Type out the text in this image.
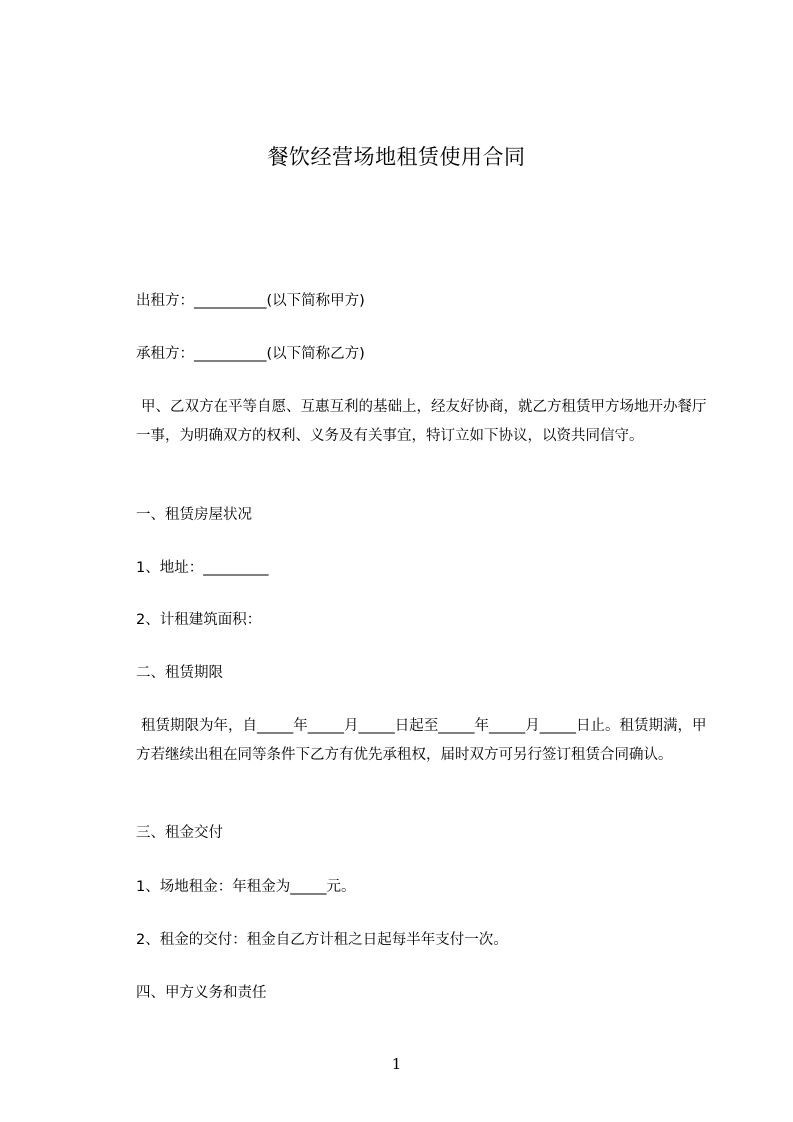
餐饮经营场地租赁使用合同
出租方：__________(以下简称甲方)
承租方：__________(以下简称乙方)
甲、乙双方在平等自愿、互惠互利的基础上，经友好协商，就乙方租赁甲方场地开办餐厅一事，为明确双方的权利、义务及有关事宜，特订立如下协议，以资共同信守。
一、租赁房屋状况
1、地址：_________
2、计租建筑面积：
二、租赁期限
租赁期限为年，自_____年_____月_____日起至_____年_____月_____日止。租赁期满，甲方若继续出租在同等条件下乙方有优先承租权，届时双方可另行签订租赁合同确认。
三、租金交付
1、场地租金：年租金为_____元。
2、租金的交付：租金自乙方计租之日起每半年支付一次。
四、甲方义务和责任
1
